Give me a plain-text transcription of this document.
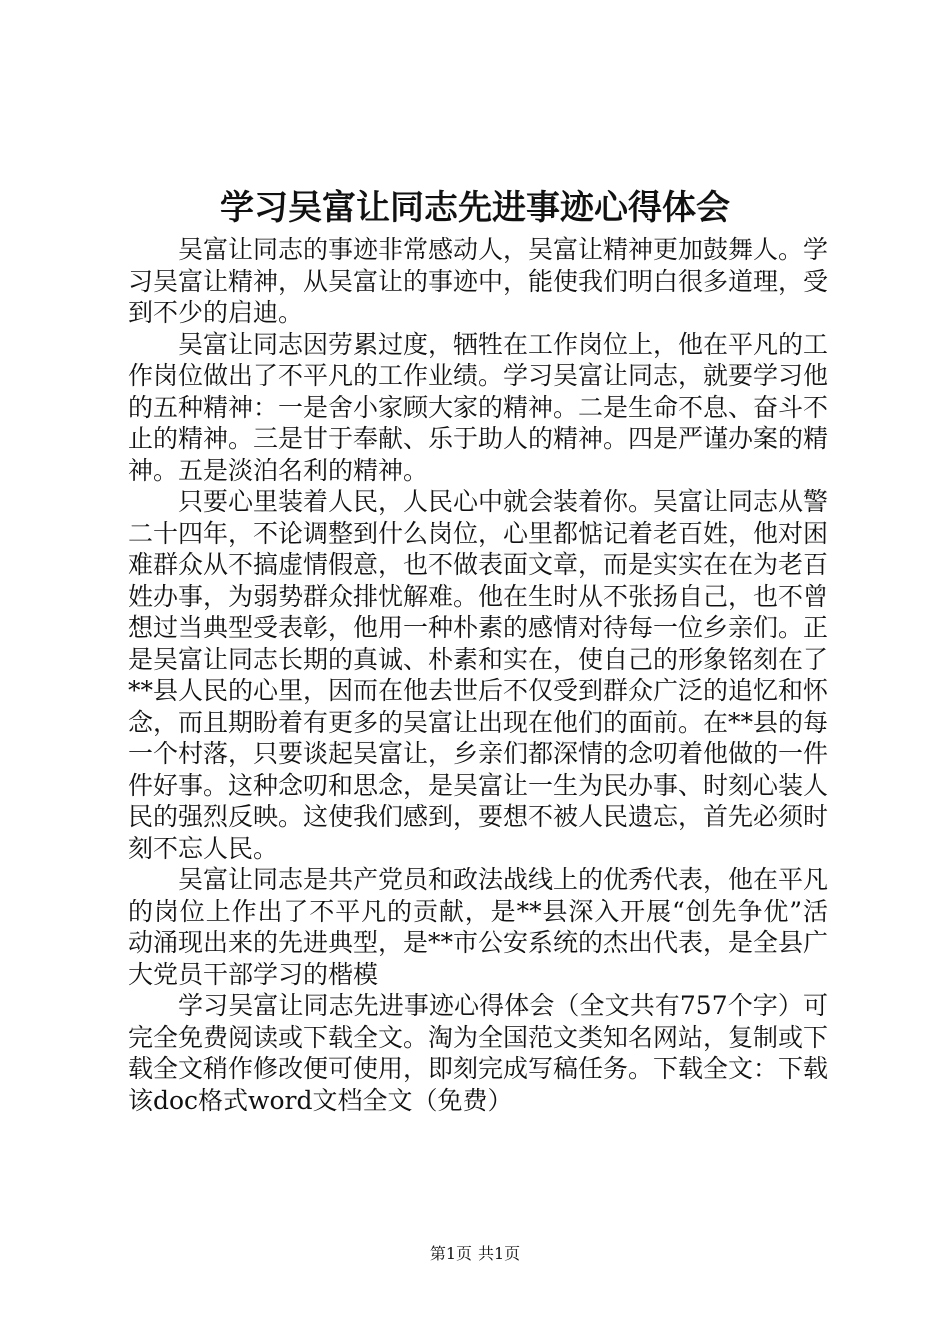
学习吴富让同志先进事迹心得体会

吴富让同志的事迹非常感动人，吴富让精神更加鼓舞人。学习吴富让精神，从吴富让的事迹中，能使我们明白很多道理，受到不少的启迪。

吴富让同志因劳累过度，牺牲在工作岗位上，他在平凡的工作岗位做出了不平凡的工作业绩。学习吴富让同志，就要学习他的五种精神：一是舍小家顾大家的精神。二是生命不息、奋斗不止的精神。三是甘于奉献、乐于助人的精神。四是严谨办案的精神。五是淡泊名利的精神。

只要心里装着人民，人民心中就会装着你。吴富让同志从警二十四年，不论调整到什么岗位，心里都惦记着老百姓，他对困难群众从不搞虚情假意，也不做表面文章，而是实实在在为老百姓办事，为弱势群众排忧解难。他在生时从不张扬自己，也不曾想过当典型受表彰，他用一种朴素的感情对待每一位乡亲们。正是吴富让同志长期的真诚、朴素和实在，使自己的形象铭刻在了**县人民的心里，因而在他去世后不仅受到群众广泛的追忆和怀念，而且期盼着有更多的吴富让出现在他们的面前。在**县的每一个村落，只要谈起吴富让，乡亲们都深情的念叨着他做的一件件好事。这种念叨和思念，是吴富让一生为民办事、时刻心装人民的强烈反映。这使我们感到，要想不被人民遗忘，首先必须时刻不忘人民。

吴富让同志是共产党员和政法战线上的优秀代表，他在平凡的岗位上作出了不平凡的贡献，是**县深入开展“创先争优”活动涌现出来的先进典型，是**市公安系统的杰出代表，是全县广大党员干部学习的楷模

学习吴富让同志先进事迹心得体会（全文共有757个字）可完全免费阅读或下载全文。淘为全国范文类知名网站，复制或下载全文稍作修改便可使用，即刻完成写稿任务。下载全文：下载该doc格式word文档全文（免费）

第1页 共1页
